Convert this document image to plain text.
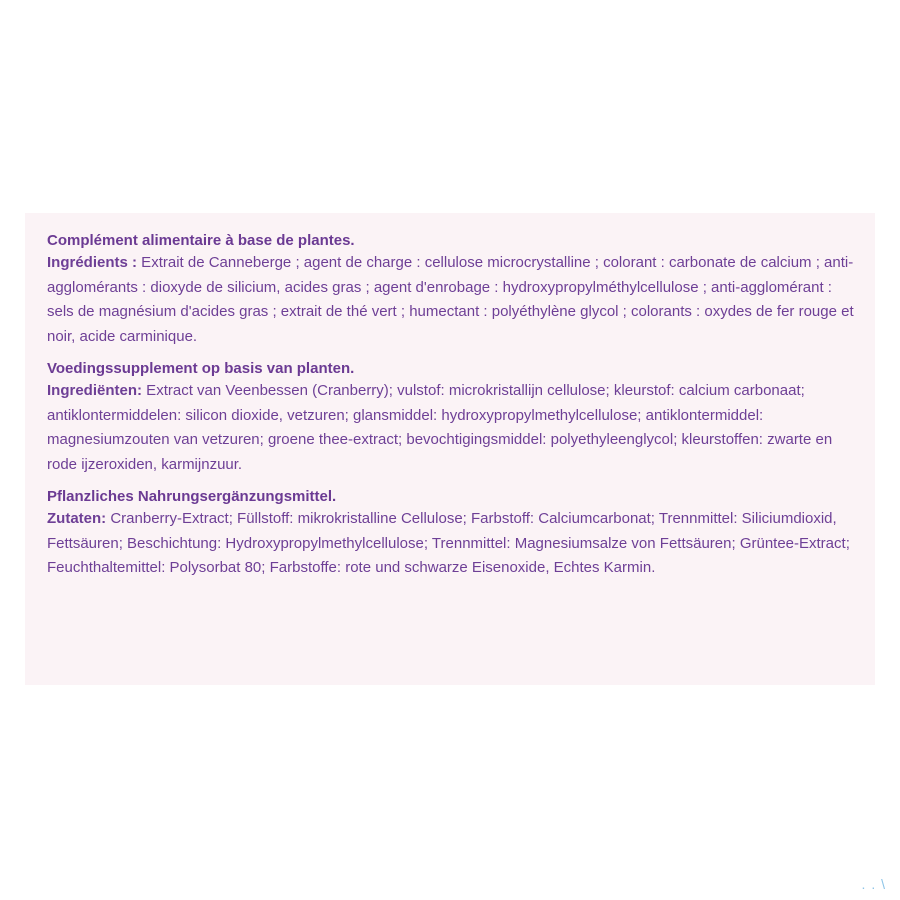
Complément alimentaire à base de plantes.

Ingrédients : Extrait de Canneberge ; agent de charge : cellulose microcrystalline ; colorant : carbonate de calcium ; anti-agglomérants : dioxyde de silicium, acides gras ; agent d'enrobage : hydroxypropylméthylcellulose ; anti-agglomérant : sels de magnésium d'acides gras ; extrait de thé vert ; humectant : polyéthylène glycol ; colorants : oxydes de fer rouge et noir, acide carminique.

Voedingssupplement op basis van planten.

Ingrediënten: Extract van Veenbessen (Cranberry); vulstof: microkristallijn cellulose; kleurstof: calcium carbonaat; antiklontermiddelen: silicon dioxide, vetzuren; glansmiddel: hydroxypropylmethylcellulose; antiklontermiddel: magnesiumzouten van vetzuren; groene thee-extract; bevochtigingsmiddel: polyethyleenglycol; kleurstoffen: zwarte en rode ijzeroxiden, karmijnzuur.

Pflanzliches Nahrungsergänzungsmittel.

Zutaten: Cranberry-Extract; Füllstoff: mikrokristalline Cellulose; Farbstoff: Calciumcarbonat; Trennmittel: Siliciumdioxid, Fettsäuren; Beschichtung: Hydroxypropylmethylcellulose; Trennmittel: Magnesiumsalze von Fettsäuren; Grüntee-Extract; Feuchthaltemittel: Polysorbat 80; Farbstoffe: rote und schwarze Eisenoxide, Echtes Karmin.

. . \
